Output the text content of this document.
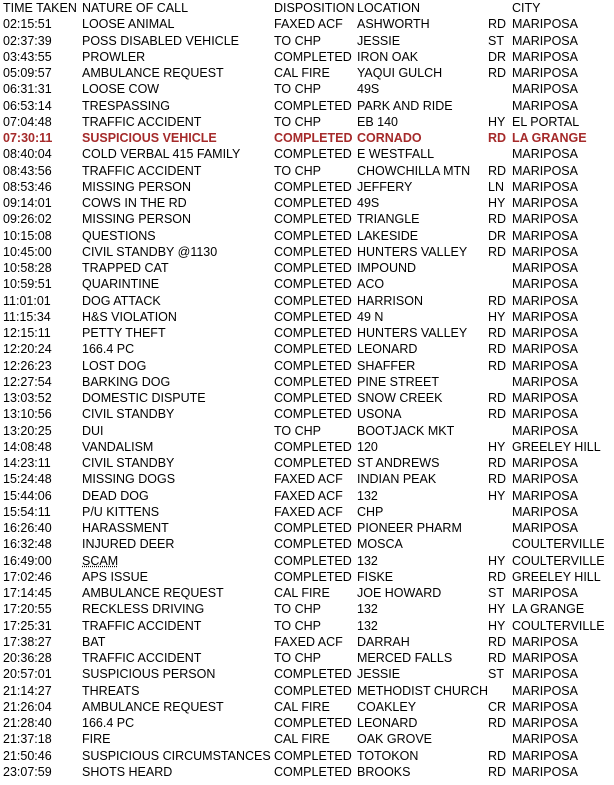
TIME TAKEN NATURE OF CALL	DISPOSITION LOCATION	CITY
02:15:51 LOOSE ANIMAL	FAXED ACF ASHWORTH	RD MARIPOSA
02:37:39 POSS DISABLED VEHICLE	TO CHP	JESSIE	ST MARIPOSA
03:43:55 PROWLER	COMPLETED IRON OAK	DR MARIPOSA
05:09:57 AMBULANCE REQUEST	CAL FIRE YAQUI GULCH	RD MARIPOSA
06:31:31 LOOSE COW	TO CHP	49S	MARIPOSA
06:53:14 TRESPASSING	COMPLETED PARK AND RIDE	MARIPOSA
07:04:48 TRAFFIC ACCIDENT	TO CHP	EB 140	HY EL PORTAL
07:30:11 SUSPICIOUS VEHICLE	COMPLETED CORNADO	RD LA GRANGE
08:40:04 COLD VERBAL 415 FAMILY	COMPLETED E WESTFALL	MARIPOSA
08:43:56 TRAFFIC ACCIDENT	TO CHP	CHOWCHILLA MTN RD MARIPOSA
08:53:46 MISSING PERSON	COMPLETED JEFFERY	LN MARIPOSA
09:14:01 COWS IN THE RD	COMPLETED 49S	HY MARIPOSA
09:26:02 MISSING PERSON	COMPLETED TRIANGLE	RD MARIPOSA
10:15:08 QUESTIONS	COMPLETED LAKESIDE	DR MARIPOSA
10:45:00 CIVIL STANDBY @1130	COMPLETED HUNTERS VALLEY RD MARIPOSA
10:58:28 TRAPPED CAT	COMPLETED IMPOUND	MARIPOSA
10:59:51 QUARINTINE	COMPLETED ACO	MARIPOSA
11:01:01	DOG ATTACK	COMPLETED HARRISON	RD MARIPOSA
11:15:34	H&S VIOLATION	COMPLETED 49 N	HY MARIPOSA
12:15:11	PETTY THEFT	COMPLETED HUNTERS VALLEY RD MARIPOSA
12:20:24 166.4 PC	COMPLETED LEONARD	RD MARIPOSA
12:26:23 LOST DOG	COMPLETED SHAFFER	RD MARIPOSA
12:27:54 BARKING DOG	COMPLETED PINE STREET	MARIPOSA
13:03:52 DOMESTIC DISPUTE	COMPLETED SNOW CREEK	RD MARIPOSA
13:10:56 CIVIL STANDBY	COMPLETED USONA	RD MARIPOSA
13:20:25 DUI	TO CHP	BOOTJACK MKT	MARIPOSA
14:08:48 VANDALISM	COMPLETED 120	HY GREELEY HILL
14:23:11	CIVIL STANDBY	COMPLETED ST ANDREWS	RD MARIPOSA
15:24:48 MISSING DOGS	FAXED ACF INDIAN PEAK	RD MARIPOSA
15:44:06 DEAD DOG	FAXED ACF 132	HY MARIPOSA
15:54:11	P/U KITTENS	FAXED ACF CHP	MARIPOSA
16:26:40 HARASSMENT	COMPLETED PIONEER PHARM	MARIPOSA
16:32:48 INJURED DEER	COMPLETED MOSCA	COULTERVILLE
16:49:00 SCAM	COMPLETED 132	HY COULTERVILLE
17:02:46 APS ISSUE	COMPLETED FISKE	RD GREELEY HILL
17:14:45 AMBULANCE REQUEST	CAL FIRE JOE HOWARD	ST MARIPOSA
17:20:55 RECKLESS DRIVING	TO CHP	132	HY LA GRANGE
17:25:31 TRAFFIC ACCIDENT	TO CHP	132	HY COULTERVILLE
17:38:27 BAT	FAXED ACF DARRAH	RD MARIPOSA
20:36:28 TRAFFIC ACCIDENT	TO CHP	MERCED FALLS	RD MARIPOSA
20:57:01 SUSPICIOUS PERSON	COMPLETED JESSIE	ST MARIPOSA
21:14:27 THREATS	COMPLETED METHODIST CHURCH MARIPOSA
21:26:04 AMBULANCE REQUEST	CAL FIRE COAKLEY	CR MARIPOSA
21:28:40 166.4 PC	COMPLETED LEONARD	RD MARIPOSA
21:37:18 FIRE	CAL FIRE OAK GROVE	MARIPOSA
21:50:46 SUSPICIOUS CIRCUMSTANCES COMPLETED TOTOKON	RD MARIPOSA
23:07:59 SHOTS HEARD	COMPLETED BROOKS	RD MARIPOSA
